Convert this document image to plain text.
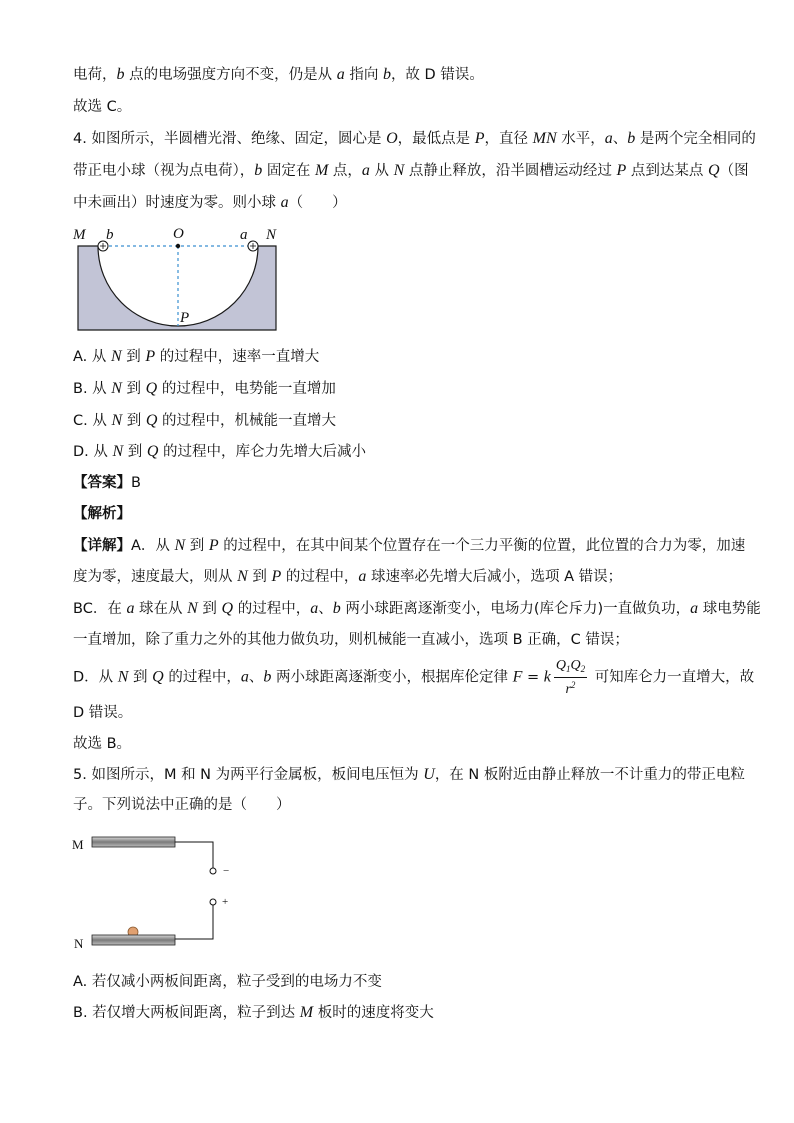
电荷，b 点的电场强度方向不变，仍是从 a 指向 b，故 D 错误。
故选 C。
4. 如图所示，半圆槽光滑、绝缘、固定，圆心是 O，最低点是 P，直径 MN 水平，a、b 是两个完全相同的
带正电小球（视为点电荷），b 固定在 M 点，a 从 N 点静止释放，沿半圆槽运动经过 P 点到达某点 Q（图
中未画出）时速度为零。则小球 a（　　）
M b	O	a N
P
A. 从 N 到 P 的过程中，速率一直增大
B. 从 N 到 Q 的过程中，电势能一直增加
C. 从 N 到 Q 的过程中，机械能一直增大
D. 从 N 到 Q 的过程中，库仑力先增大后减小
【答案】B
【解析】
【详解】A．从 N 到 P 的过程中，在其中间某个位置存在一个三力平衡的位置，此位置的合力为零，加速
度为零，速度最大，则从 N 到 P 的过程中，a 球速率必先增大后减小，选项 A 错误；
BC．在 a 球在从 N 到 Q 的过程中，a、b 两小球距离逐渐变小，电场力(库仑斥力)一直做负功，a 球电势能
一直增加，除了重力之外的其他力做负功，则机械能一直减小，选项 B 正确，C 错误；
D．从 N 到 Q 的过程中，a、b 两小球距离逐渐变小，根据库伦定律 F = k $\frac{Q_1Q_2}{r^2}$ 可知库仑力一直增大，故
D 错误。
故选 B。
5. 如图所示，M 和 N 为两平行金属板，板间电压恒为 U，在 N 板附近由静止释放一不计重力的带正电粒
子。下列说法中正确的是（　　）
M
−
+
N
A. 若仅减小两板间距离，粒子受到的电场力不变
B. 若仅增大两板间距离，粒子到达 M 板时的速度将变大
